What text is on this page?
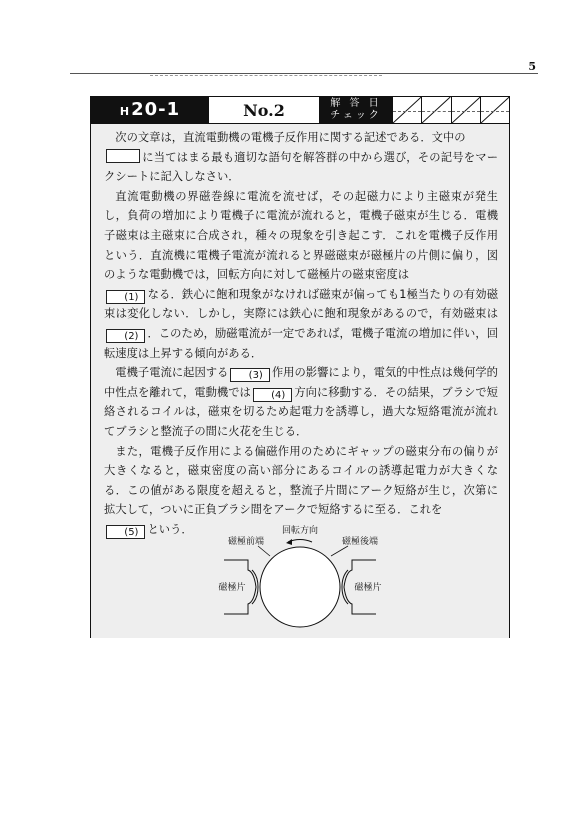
5
H 20-1	No.2	解 答 日
チェック

次の文章は，直流電動機の電機子反作用に関する記述である．文中の
に当てはまる最も適切な語句を解答群の中から選び，その記号をマークシートに記入しなさい．

直流電動機の界磁巻線に電流を流せば，その起磁力により主磁束が発生し，負荷の増加により電機子に電流が流れると，電機子磁束が生じる．電機子磁束は主磁束に合成され，種々の現象を引き起こす．これを電機子反作用という．直流機に電機子電流が流れると界磁磁束が磁極片の片側に偏り，図のような電動機では，回転方向に対して磁極片の磁束密度は
(1) なる．鉄心に飽和現象がなければ磁束が偏っても1極当たりの有効磁束は変化しない．しかし，実際には鉄心に飽和現象があるので，有効磁束は(2) ．このため，励磁電流が一定であれば，電機子電流の増加に伴い，回転速度は上昇する傾向がある．

電機子電流に起因する (3) 作用の影響により，電気的中性点は幾何学的中性点を離れて，電動機では (4) 方向に移動する．その結果，ブラシで短絡されるコイルは，磁束を切るため起電力を誘導し，過大な短絡電流が流れてブラシと整流子の間に火花を生じる．

また，電機子反作用による偏磁作用のためにギャップの磁束分布の偏りが大きくなると，磁束密度の高い部分にあるコイルの誘導起電力が大きくなる．この値がある限度を超えると，整流子片間にアーク短絡が生じ，次第に拡大して，ついに正負ブラシ間をアークで短絡するに至る．これを
(5) という．	回転方向
磁極前端	磁極後端
磁極片	磁極片
